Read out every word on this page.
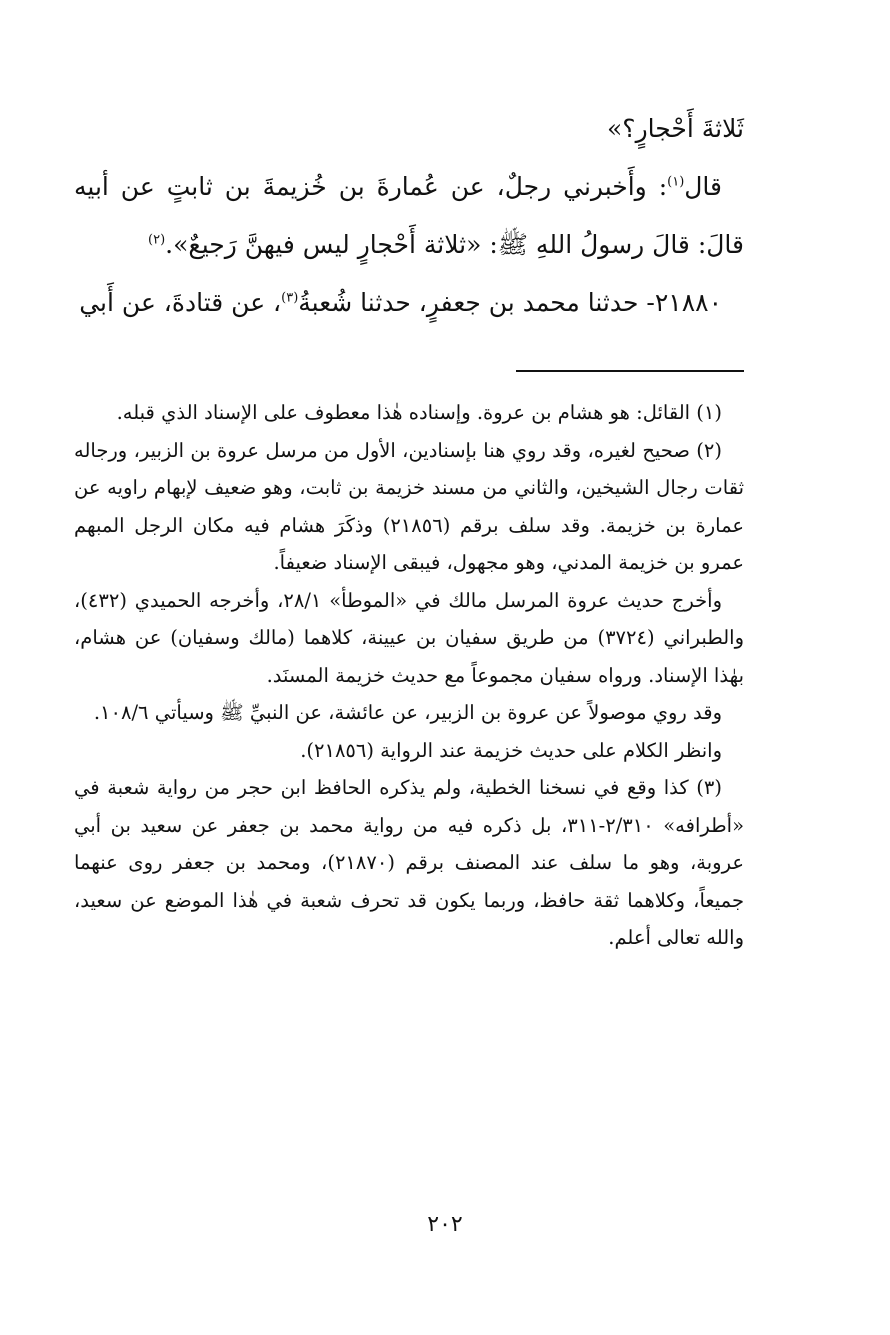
ثَلاثةَ أَحْجارٍ؟»

قال$^{(١)}$: وأَخبرني رجلٌ، عن عُمارةَ بن خُزيمةَ بن ثابتٍ عن أبيه قالَ: قالَ رسولُ اللهِ ﷺ: «ثلاثة أَحْجارٍ ليس فيهنَّ رَجيعٌ».$^{(٢)}$

٢١٨٨٠- حدثنا محمد بن جعفرٍ، حدثنا شُعبةُ$^{(٣)}$، عن قتادةَ، عن أَبي

(١) القائل: هو هشام بن عروة. وإسناده هٰذا معطوف على الإسناد الذي قبله.

(٢) صحيح لغيره، وقد روي هنا بإسنادين، الأول من مرسل عروة بن الزبير، ورجاله ثقات رجال الشيخين، والثاني من مسند خزيمة بن ثابت، وهو ضعيف لإبهام راويه عن عمارة بن خزيمة. وقد سلف برقم (٢١٨٥٦) وذكَرَ هشام فيه مكان الرجل المبهم عمرو بن خزيمة المدني، وهو مجهول، فيبقى الإسناد ضعيفاً.

وأخرج حديث عروة المرسل مالك في «الموطأ» ٢٨/١، وأخرجه الحميدي (٤٣٢)، والطبراني (٣٧٢٤) من طريق سفيان بن عيينة، كلاهما (مالك وسفيان) عن هشام، بهٰذا الإسناد. ورواه سفيان مجموعاً مع حديث خزيمة المسنَد.

وقد روي موصولاً عن عروة بن الزبير، عن عائشة، عن النبيِّ ﷺ وسيأتي ١٠٨/٦.

وانظر الكلام على حديث خزيمة عند الرواية (٢١٨٥٦).

(٣) كذا وقع في نسخنا الخطية، ولم يذكره الحافظ ابن حجر من رواية شعبة في «أطرافه» ٢/٣١٠-٣١١، بل ذكره فيه من رواية محمد بن جعفر عن سعيد بن أبي عروبة، وهو ما سلف عند المصنف برقم (٢١٨٧٠)، ومحمد بن جعفر روى عنهما جميعاً، وكلاهما ثقة حافظ، وربما يكون قد تحرف شعبة في هٰذا الموضع عن سعيد، والله تعالى أعلم.

٢٠٢
